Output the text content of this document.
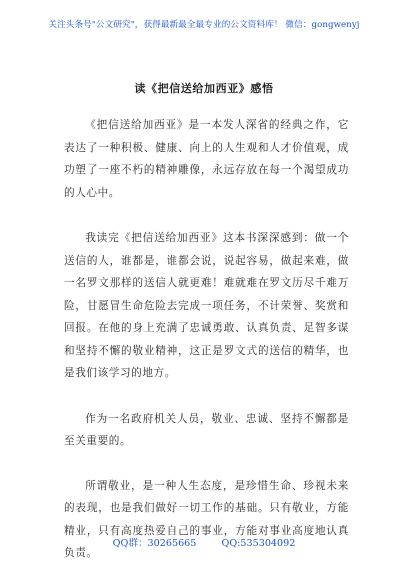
关注头条号"公文研究"，获得最新最全最专业的公文资料库！ 微信：gongwenyj
读《把信送给加西亚》感悟

《把信送给加西亚》是一本发人深省的经典之作，它表达了一种积极、健康、向上的人生观和人才价值观，成功塑了一座不朽的精神雕像，永远存放在每一个渴望成功的人心中。

我读完《把信送给加西亚》这本书深深感到：做一个送信的人，谁都是，谁都会说，说起容易，做起来难，做一名罗文那样的送信人就更难！难就难在罗文历尽千难万险，甘愿冒生命危险去完成一项任务，不计荣誉、奖赏和回报。在他的身上充满了忠诚勇敢、认真负责、足智多谋和坚持不懈的敬业精神，这正是罗文式的送信的精华，也是我们该学习的地方。

作为一名政府机关人员，敬业、忠诚、坚持不懈都是至关重要的。

所谓敬业，是一种人生态度，是珍惜生命、珍视未来的表现，也是我们做好一切工作的基础。只有敬业，方能精业，只有高度热爱自己的事业，方能对事业高度地认真负责。

QQ群：30265665	QQ:535304092
